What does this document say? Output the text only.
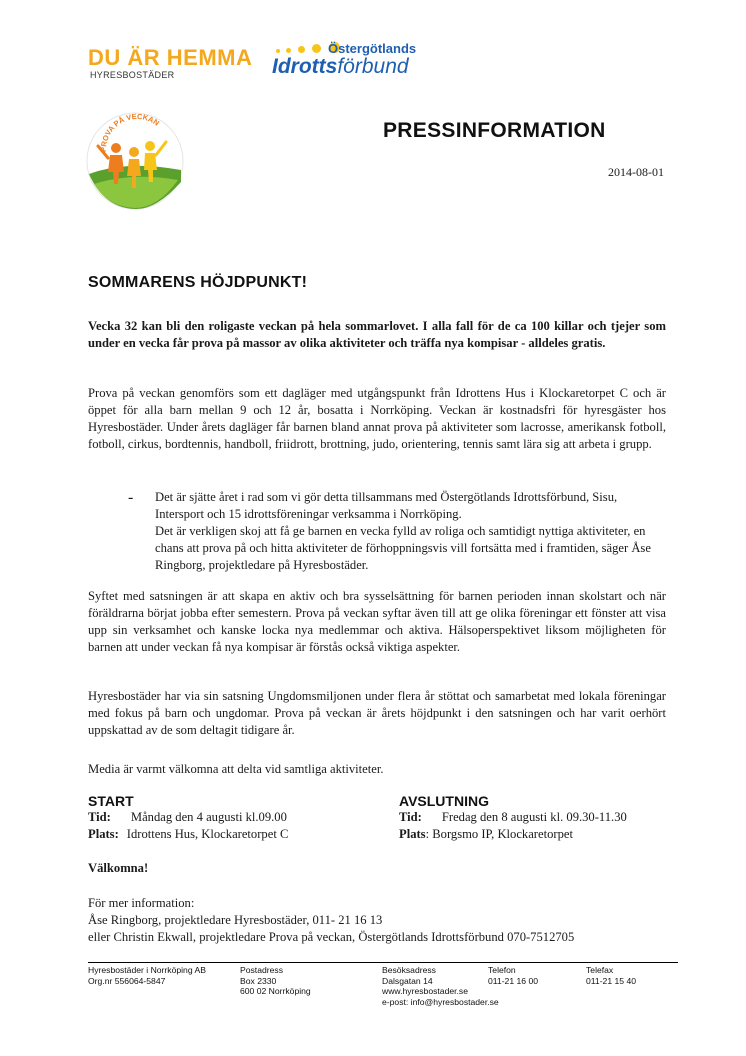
DU ÄR HEMMA
HYRESBOSTÄDER
Östergötlands
Idrottsförbund
PROVA PÅ VECKAN	PRESSINFORMATION
2014-08-01
SOMMARENS HÖJDPUNKT!
Vecka 32 kan bli den roligaste veckan på hela sommarlovet. I alla fall för de ca 100 killar och tjejer som under en vecka får prova på massor av olika aktiviteter och träffa nya kompisar - alldeles gratis.
Prova på veckan genomförs som ett dagläger med utgångspunkt från Idrottens Hus i Klockaretorpet C och är öppet för alla barn mellan 9 och 12 år, bosatta i Norrköping. Veckan är kostnadsfri för hyresgäster hos Hyresbostäder. Under årets dagläger får barnen bland annat prova på aktiviteter som lacrosse, amerikansk fotboll, fotboll, cirkus, bordtennis, handboll, friidrott, brottning, judo, orientering, tennis samt lära sig att arbeta i grupp.
- Det är sjätte året i rad som vi gör detta tillsammans med Östergötlands Idrottsförbund, Sisu, Intersport och 15 idrottsföreningar verksamma i Norrköping.
Det är verkligen skoj att få ge barnen en vecka fylld av roliga och samtidigt nyttiga aktiviteter, en chans att prova på och hitta aktiviteter de förhoppningsvis vill fortsätta med i framtiden, säger Åse Ringborg, projektledare på Hyresbostäder.
Syftet med satsningen är att skapa en aktiv och bra sysselsättning för barnen perioden innan skolstart och när föräldrarna börjat jobba efter semestern. Prova på veckan syftar även till att ge olika föreningar ett fönster att visa upp sin verksamhet och kanske locka nya medlemmar och aktiva. Hälsoperspektivet liksom möjligheten för barnen att under veckan få nya kompisar är förstås också viktiga aspekter.
Hyresbostäder har via sin satsning Ungdomsmiljonen under flera år stöttat och samarbetat med lokala föreningar med fokus på barn och ungdomar. Prova på veckan är årets höjdpunkt i den satsningen och har varit oerhört uppskattad av de som deltagit tidigare år.
Media är varmt välkomna att delta vid samtliga aktiviteter.
START
Tid: Måndag den 4 augusti kl.09.00
Plats: Idrottens Hus, Klockaretorpet C
AVSLUTNING
Tid: Fredag den 8 augusti kl. 09.30-11.30
Plats: Borgsmo IP, Klockaretorpet
Välkomna!
För mer information:
Åse Ringborg, projektledare Hyresbostäder, 011- 21 16 13
eller Christin Ekwall, projektledare Prova på veckan, Östergötlands Idrottsförbund 070-7512705
Hyresbostäder i Norrköping AB
Org.nr 556064-5847
Postadress
Box 2330
600 02 Norrköping
Besöksadress
Dalsgatan 14
www.hyresbostader.se
e-post: info@hyresbostader.se
Telefon
011-21 16 00
Telefax
011-21 15 40
